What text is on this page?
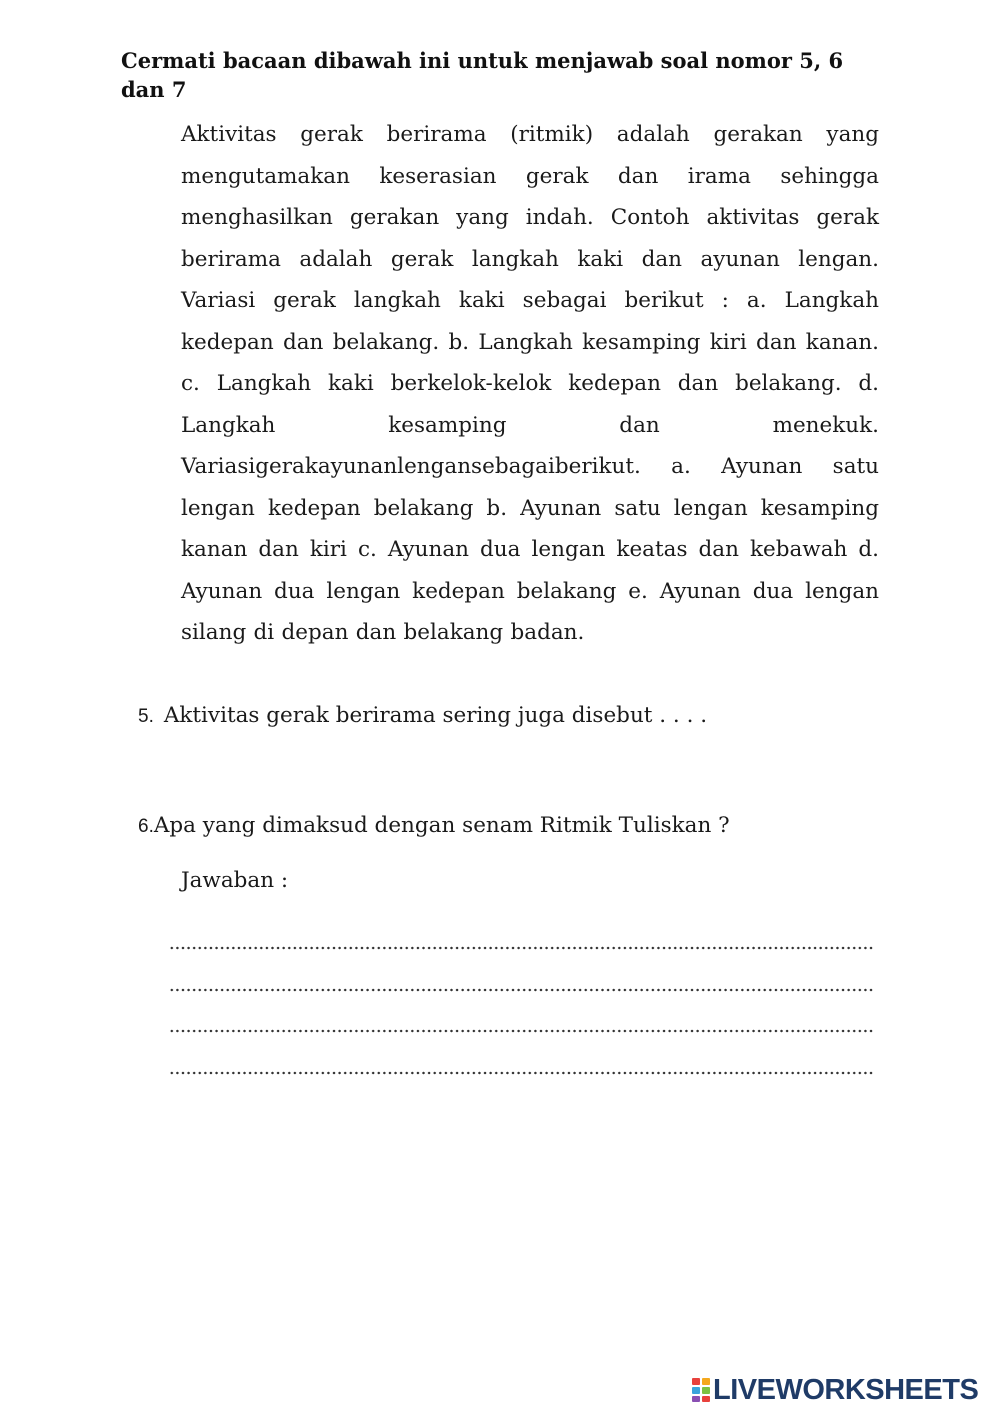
Cermati bacaan dibawah ini untuk menjawab soal nomor 5, 6 dan 7
Aktivitas gerak berirama (ritmik) adalah gerakan yang mengutamakan keserasian gerak dan irama sehingga menghasilkan gerakan yang indah. Contoh aktivitas gerak berirama adalah gerak langkah kaki dan ayunan lengan. Variasi gerak langkah kaki sebagai berikut : a. Langkah kedepan dan belakang. b. Langkah kesamping kiri dan kanan. c. Langkah kaki berkelok-kelok kedepan dan belakang. d. Langkah kesamping dan menekuk. Variasigerakayunanlengansebagaiberikut. a. Ayunan satu lengan kedepan belakang b. Ayunan satu lengan kesamping kanan dan kiri c. Ayunan dua lengan keatas dan kebawah d. Ayunan dua lengan kedepan belakang e. Ayunan dua lengan silang di depan dan belakang badan.
5. Aktivitas gerak berirama sering juga disebut . . . .
6.Apa yang dimaksud dengan senam Ritmik Tuliskan ?
Jawaban :
LIVEWORKSHEETS
